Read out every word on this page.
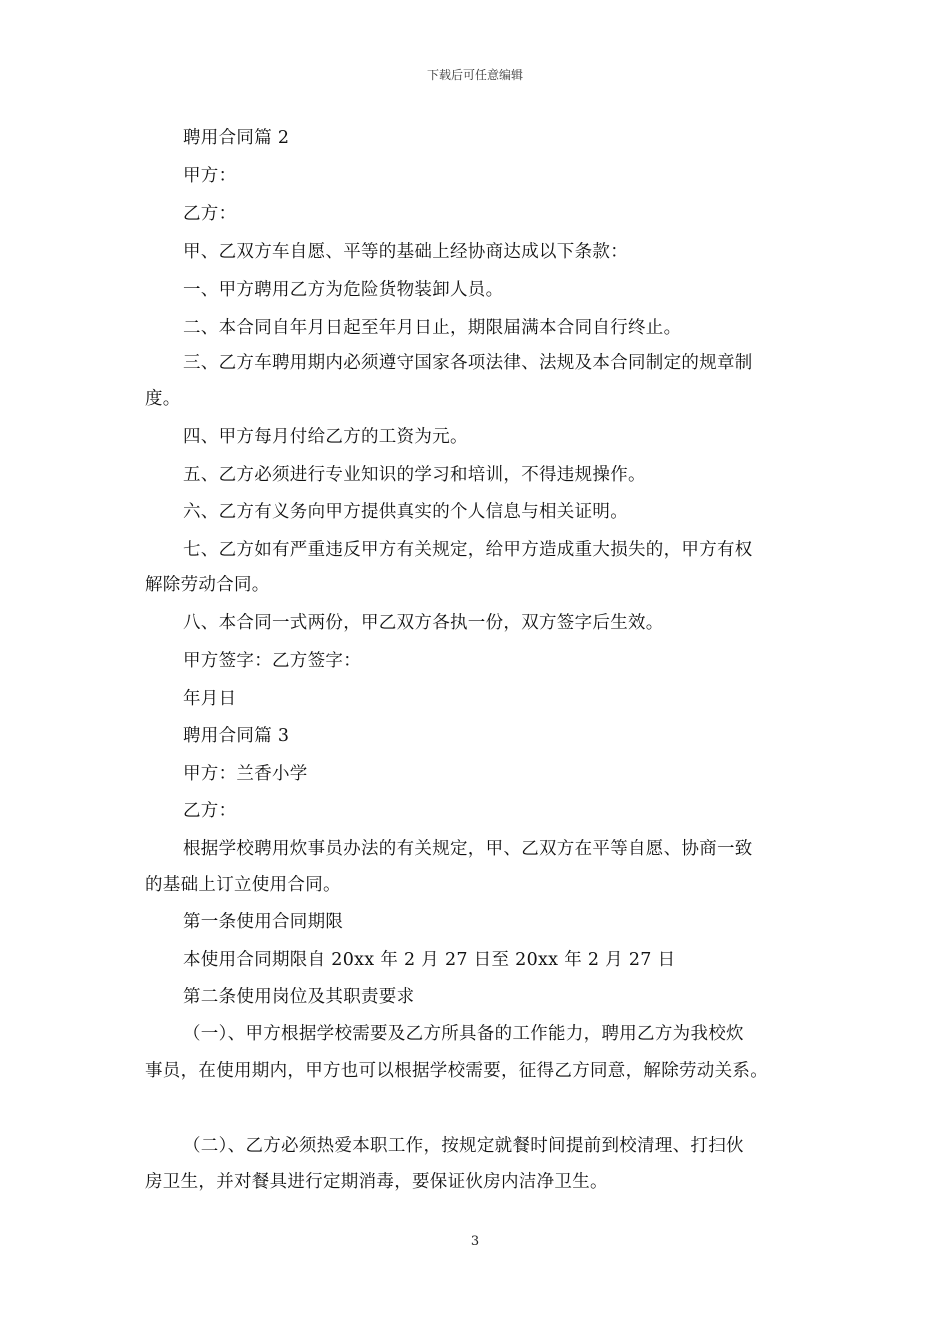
下载后可任意编辑
聘用合同篇 2
甲方：
乙方：
甲、乙双方车自愿、平等的基础上经协商达成以下条款：
一、甲方聘用乙方为危险货物装卸人员。
二、本合同自年月日起至年月日止，期限届满本合同自行终止。
三、乙方车聘用期内必须遵守国家各项法律、法规及本合同制定的规章制
度。
四、甲方每月付给乙方的工资为元。
五、乙方必须进行专业知识的学习和培训，不得违规操作。
六、乙方有义务向甲方提供真实的个人信息与相关证明。
七、乙方如有严重违反甲方有关规定，给甲方造成重大损失的，甲方有权
解除劳动合同。
八、本合同一式两份，甲乙双方各执一份，双方签字后生效。
甲方签字：乙方签字：
年月日
聘用合同篇 3
甲方：兰香小学
乙方：
根据学校聘用炊事员办法的有关规定，甲、乙双方在平等自愿、协商一致
的基础上订立使用合同。
第一条使用合同期限
本使用合同期限自 20xx 年 2 月 27 日至 20xx 年 2 月 27 日
第二条使用岗位及其职责要求
（一）、甲方根据学校需要及乙方所具备的工作能力，聘用乙方为我校炊
事员，在使用期内，甲方也可以根据学校需要，征得乙方同意，解除劳动关系。
（二）、乙方必须热爱本职工作，按规定就餐时间提前到校清理、打扫伙
房卫生，并对餐具进行定期消毒，要保证伙房内洁净卫生。
3
